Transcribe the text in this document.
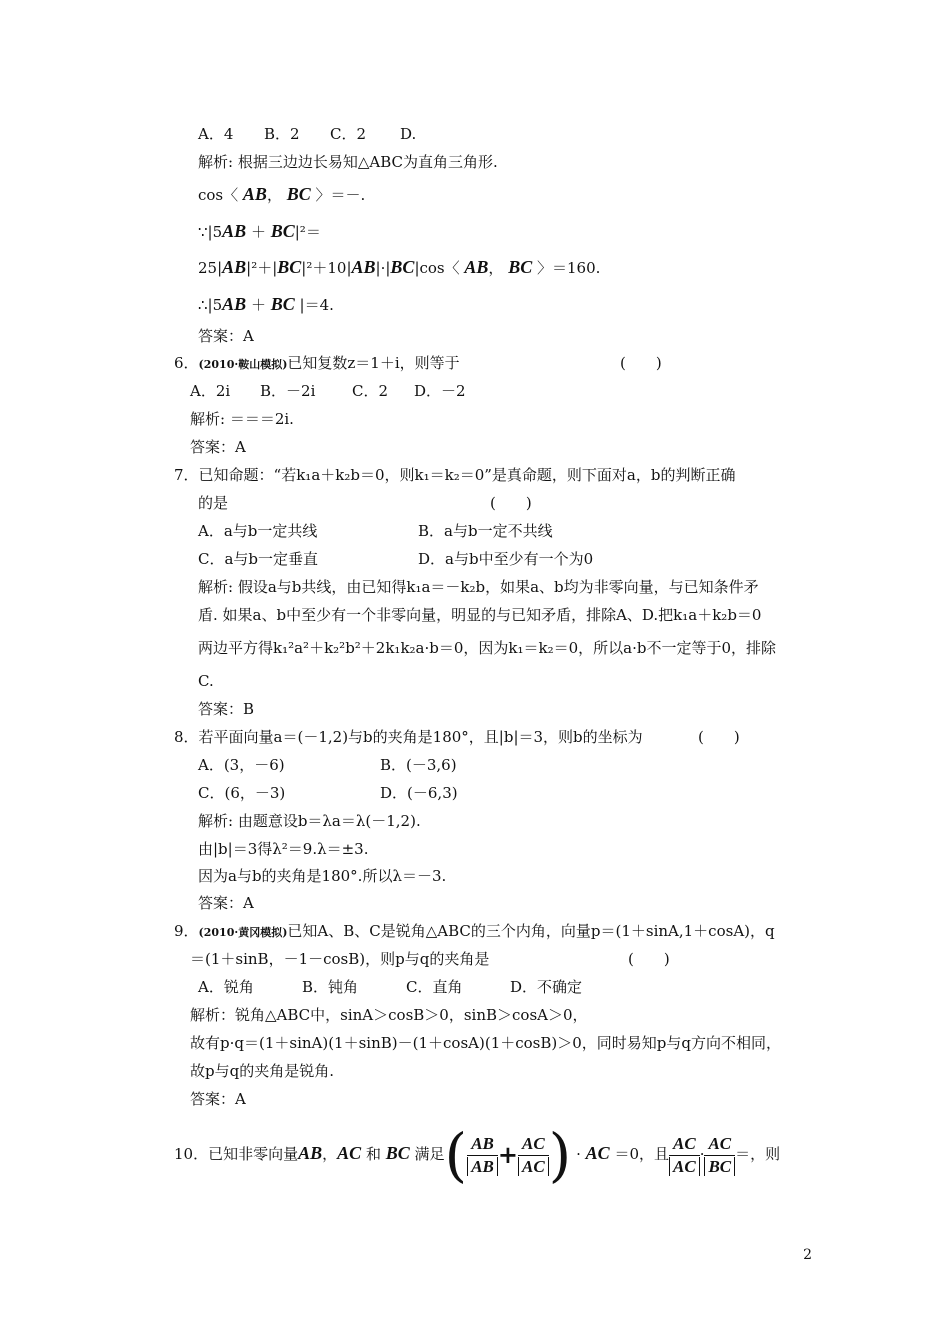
A．4 B．2 C．2 D.
解析: 根据三边边长易知△ABC为直角三角形.
cos〈 AB， BC 〉＝－.
∵|5AB ＋ BC|²＝
25|AB|²＋|BC|²＋10|AB|·|BC|cos〈 AB， BC 〉＝160.
∴|5AB ＋ BC |＝4.
答案：A
6．(2010·鞍山模拟)已知复数z＝1＋i，则等于	(　　)
A．2i B．－2i C．2 D．－2
解析: ＝＝＝2i.
答案：A
7．已知命题：“若k₁a＋k₂b＝0，则k₁＝k₂＝0”是真命题，则下面对a，b的判断正确
的是	(　　)
A．a与b一定共线	B．a与b一定不共线
C．a与b一定垂直	D．a与b中至少有一个为0
解析: 假设a与b共线，由已知得k₁a＝－k₂b，如果a、b均为非零向量，与已知条件矛
盾. 如果a、b中至少有一个非零向量，明显的与已知矛盾，排除A、D.把k₁a＋k₂b＝0
两边平方得k₁²a²＋k₂²b²＋2k₁k₂a·b＝0，因为k₁＝k₂＝0，所以a·b不一定等于0，排除
C.
答案：B
8．若平面向量a＝(－1,2)与b的夹角是180°，且|b|＝3，则b的坐标为	(　　)
A．(3，－6)	B．(－3,6)
C．(6，－3)	D．(－6,3)
解析: 由题意设b＝λa＝λ(－1,2).
由|b|＝3得λ²＝9.λ＝±3.
因为a与b的夹角是180°.所以λ＝－3.
答案：A
9．(2010·黄冈模拟)已知A、B、C是锐角△ABC的三个内角，向量p＝(1＋sinA,1＋cosA)，q
＝(1＋sinB，－1－cosB)，则p与q的夹角是	(　　)
A．锐角	B．钝角	C．直角	D．不确定
解析：锐角△ABC中，sinA＞cosB＞0，sinB＞cosA＞0，
故有p·q＝(1＋sinA)(1＋sinB)－(1＋cosA)(1＋cosB)＞0，同时易知p与q方向不相同，
故p与q的夹角是锐角.
答案：A
10．已知非零向量AB，AC 和 BC 满足( $\frac{AB}{AB} + \frac{AC}{AC}$ ) · AC ＝0，且 $\frac{AC}{AC} \cdot \frac{AC}{BC}$ ＝，则
2
